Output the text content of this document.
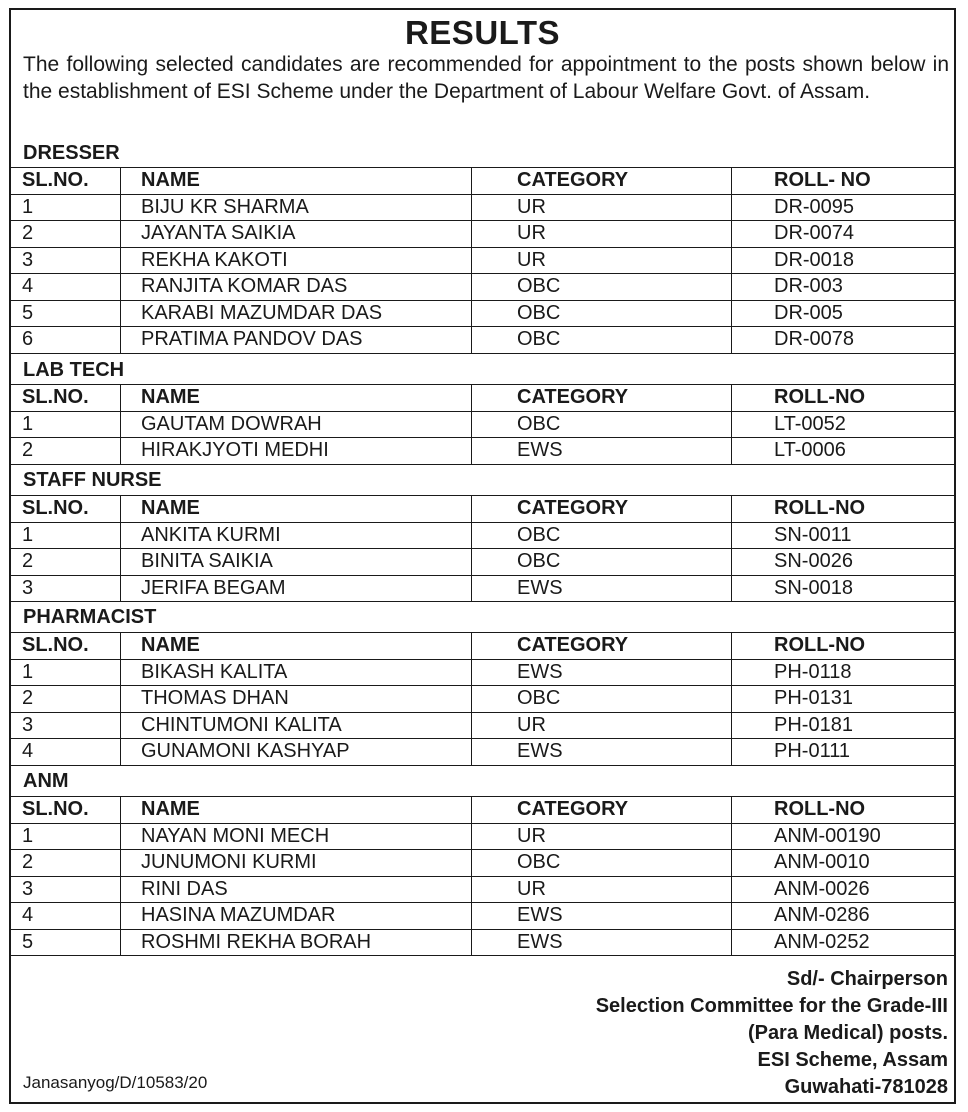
RESULTS
The following selected candidates are recommended for appointment to the posts shown below in the establishment of ESI Scheme under the Department of Labour Welfare Govt. of Assam.
DRESSER
SL.NO.	NAME	CATEGORY	ROLL- NO
1	BIJU KR SHARMA	UR	DR-0095
2	JAYANTA SAIKIA	UR	DR-0074
3	REKHA KAKOTI	UR	DR-0018
4	RANJITA KOMAR DAS	OBC	DR-003
5	KARABI MAZUMDAR DAS	OBC	DR-005
6	PRATIMA PANDOV DAS	OBC	DR-0078
LAB TECH
SL.NO.	NAME	CATEGORY	ROLL-NO
1	GAUTAM DOWRAH	OBC	LT-0052
2	HIRAKJYOTI MEDHI	EWS	LT-0006
STAFF NURSE
SL.NO.	NAME	CATEGORY	ROLL-NO
1	ANKITA KURMI	OBC	SN-0011
2	BINITA SAIKIA	OBC	SN-0026
3	JERIFA BEGAM	EWS	SN-0018
PHARMACIST
SL.NO.	NAME	CATEGORY	ROLL-NO
1	BIKASH KALITA	EWS	PH-0118
2	THOMAS DHAN	OBC	PH-0131
3	CHINTUMONI KALITA	UR	PH-0181
4	GUNAMONI KASHYAP	EWS	PH-0111
ANM
SL.NO.	NAME	CATEGORY	ROLL-NO
1	NAYAN MONI MECH	UR	ANM-00190
2	JUNUMONI KURMI	OBC	ANM-0010
3	RINI DAS	UR	ANM-0026
4	HASINA MAZUMDAR	EWS	ANM-0286
5	ROSHMI REKHA BORAH	EWS	ANM-0252
Sd/- Chairperson
Selection Committee for the Grade-III
(Para Medical) posts.
ESI Scheme, Assam
Guwahati-781028
Janasanyog/D/10583/20
